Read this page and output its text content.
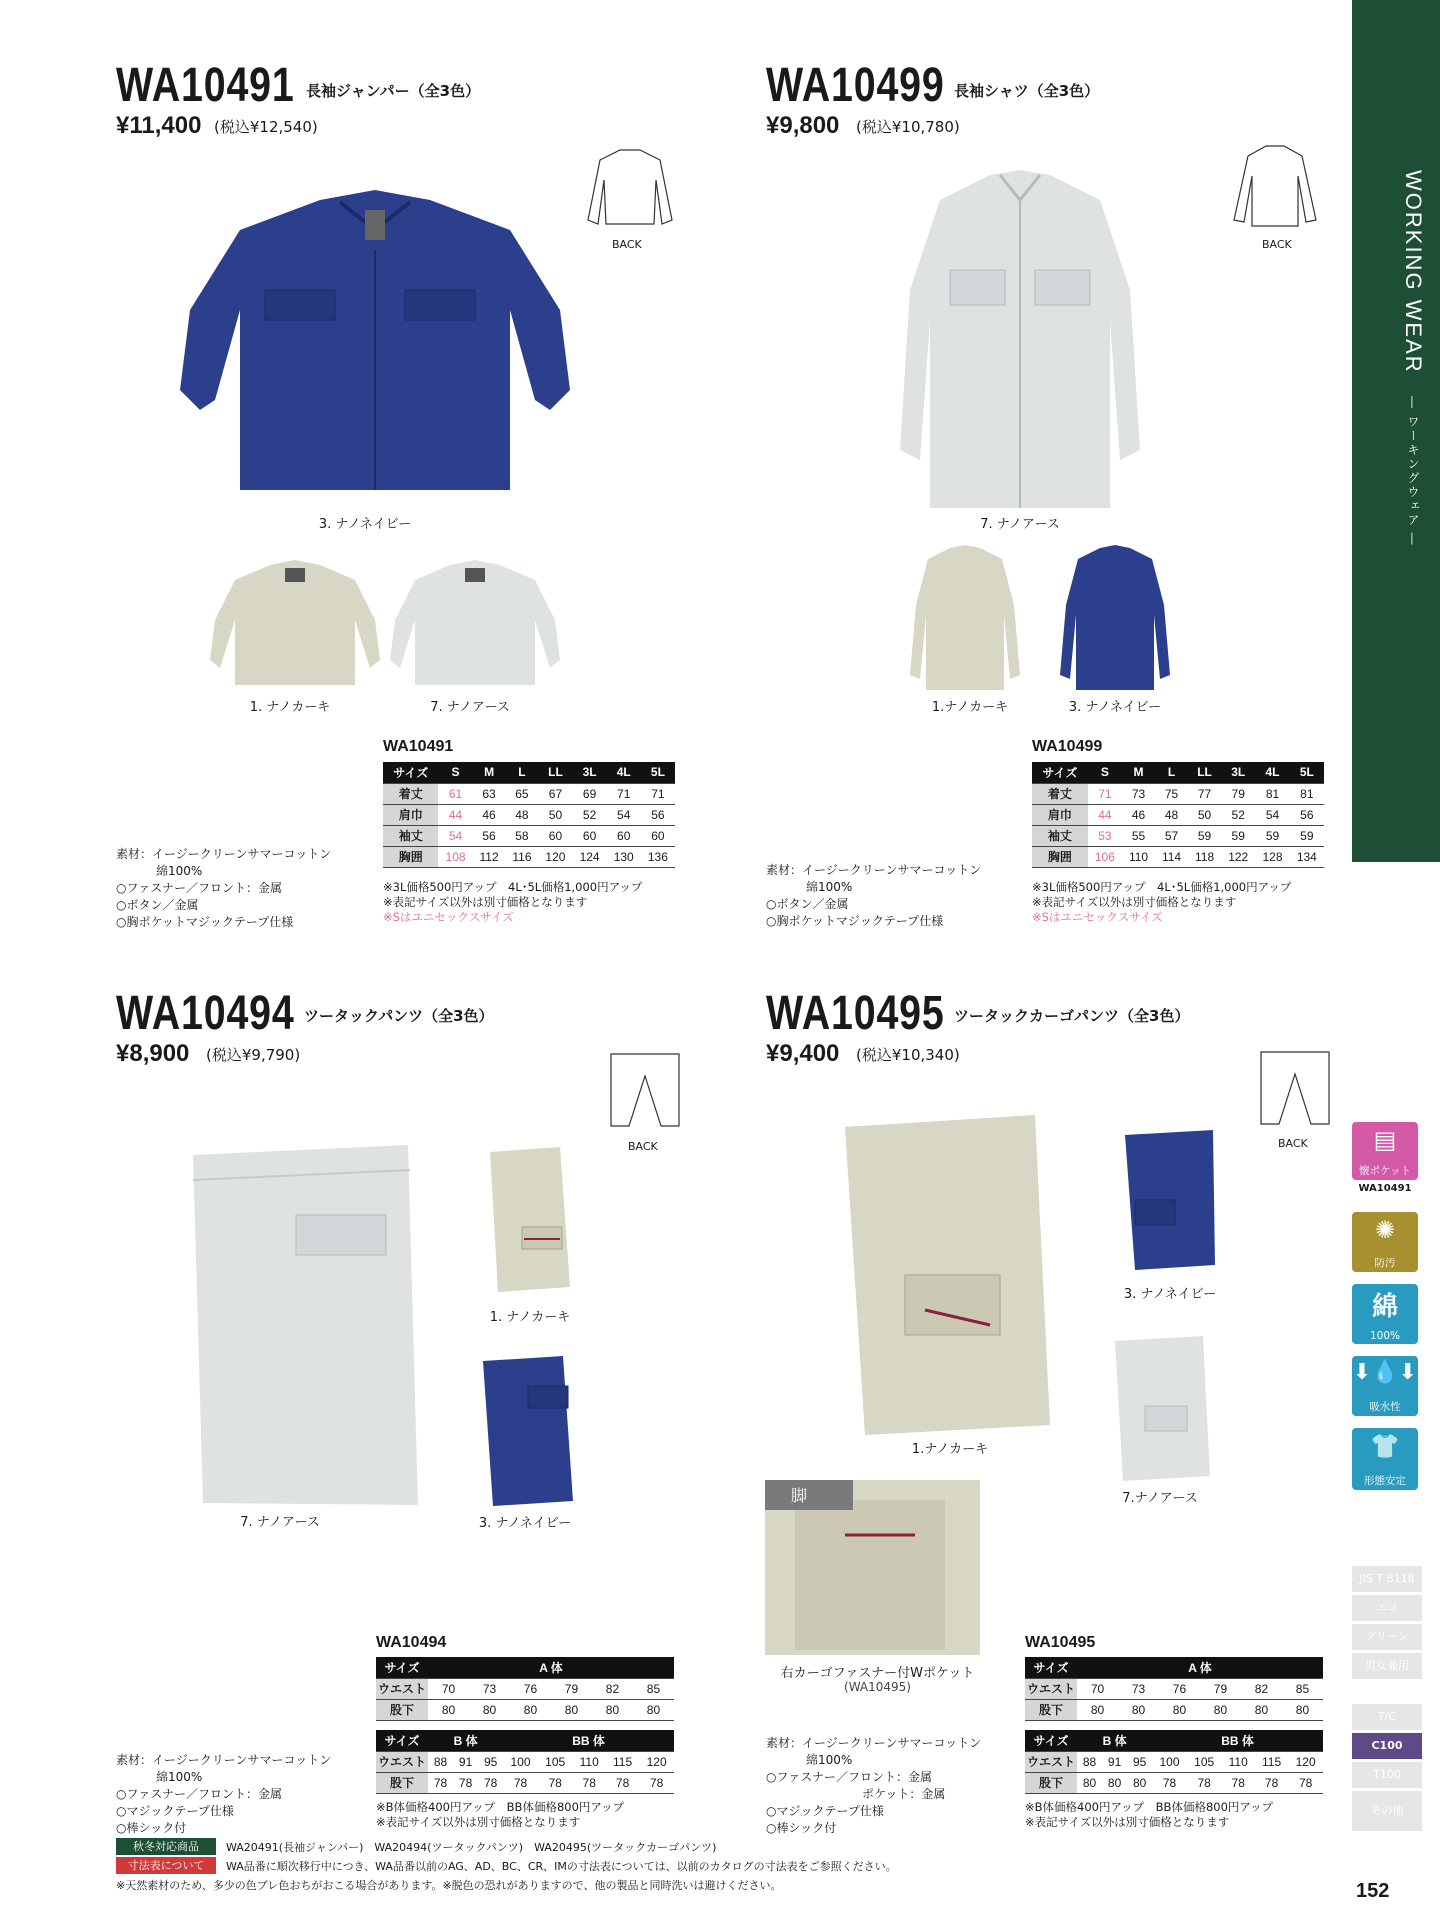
WORKING WEAR — ワーキングウェア —
WA10491 長袖ジャンパー（全3色）
¥11,400 (税込¥12,540)
BACK
3. ナノネイビー
1. ナノカーキ	7. ナノアース
WA10491
サイズ	S	M	L	LL	3L	4L	5L
着丈	61	63	65	67	69	71	71
肩巾	44	46	48	50	52	54	56
袖丈	54	56	58	60	60	60	60
胸囲	108	112	116	120	124	130	136
※3L価格500円アップ　4L･5L価格1,000円アップ
※表記サイズ以外は別寸価格となります
※Sはユニセックスサイズ
素材：イージークリーンサマーコットン
綿100%
○ファスナー／フロント：金属
○ボタン／金属
○胸ポケットマジックテープ仕様
WA10499 長袖シャツ（全3色）
¥9,800 (税込¥10,780)
BACK
7. ナノアース
1.ナノカーキ	3. ナノネイビー
WA10499
サイズ	S	M	L	LL	3L	4L	5L
着丈	71	73	75	77	79	81	81
肩巾	44	46	48	50	52	54	56
袖丈	53	55	57	59	59	59	59
胸囲	106	110	114	118	122	128	134
※3L価格500円アップ　4L･5L価格1,000円アップ
※表記サイズ以外は別寸価格となります
※Sはユニセックスサイズ
素材：イージークリーンサマーコットン
綿100%
○ボタン／金属
○胸ポケットマジックテープ仕様
WA10494 ツータックパンツ（全3色）
¥8,900 (税込¥9,790)
BACK
7. ナノアース
1. ナノカーキ
3. ナノネイビー
WA10494
サイズ	A 体					
ウエスト	70	73	76	79	82	85
股下	80	80	80	80	80	80
サイズ	B 体			BB 体				
ウエスト	88	91	95	100	105	110	115	120
股下	78	78	78	78	78	78	78	78
※B体価格400円アップ　BB体価格800円アップ
※表記サイズ以外は別寸価格となります
素材：イージークリーンサマーコットン
綿100%
○ファスナー／フロント：金属
○マジックテープ仕様
○棒シック付
WA10495 ツータックカーゴパンツ（全3色）
¥9,400 (税込¥10,340)
BACK
1.ナノカーキ
3. ナノネイビー
7.ナノアース
脚
右カーゴファスナー付Wポケット
(WA10495)
WA10495
サイズ	A 体					
ウエスト	70	73	76	79	82	85
股下	80	80	80	80	80	80
サイズ	B 体			BB 体				
ウエスト	88	91	95	100	105	110	115	120
股下	80	80	80	78	78	78	78	78
※B体価格400円アップ　BB体価格800円アップ
※表記サイズ以外は別寸価格となります
素材：イージークリーンサマーコットン
綿100%
○ファスナー／フロント：金属
ポケット：金属
○マジックテープ仕様
○棒シック付
▤
懐ポケット
WA10491
✺
防汚
綿
100%
⬇💧⬇
吸水性
👕
形態安定
JIS T 8118
エコ
グリーン
男女兼用
T/C
C100
T100
その他
秋冬対応商品	WA20491(長袖ジャンパー)　WA20494(ツータックパンツ)　WA20495(ツータックカーゴパンツ)
寸法表について	WA品番に順次移行中につき、WA品番以前のAG、AD、BC、CR、IMの寸法表については、以前のカタログの寸法表をご参照ください。
※天然素材のため、多少の色ブレ色おちがおこる場合があります。※脱色の恐れがありますので、他の製品と同時洗いは避けください。	152
